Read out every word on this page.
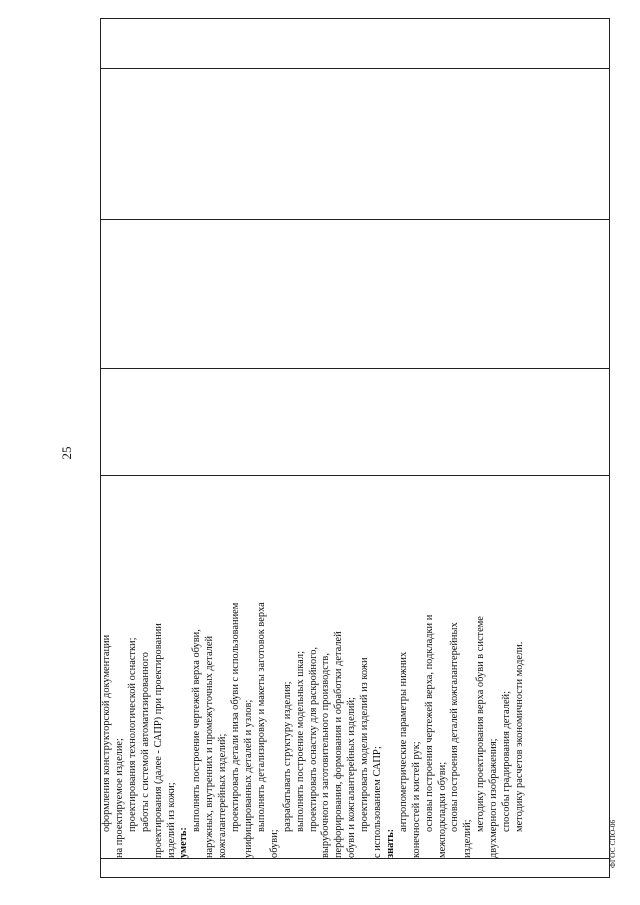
25

оформления конструкторской документации на проектируемое изделие; проектирования технологической оснастки; работы с системой автоматизированного проектирования (далее - САПР) при проектировании изделий из кожи; уметь:
выполнять построение чертежей верха обуви, наружных, внутренних и промежуточных деталей кожгалантерейных изделий; проектировать детали низа обуви с использованием унифицированных деталей и узлов; выполнять детализировку и макеты заготовок верха
обуви;
разрабатывать структуру изделия; выполнять построение модельных шкал; проектировать оснастку для раскройного, вырубочного и заготовительного производств, перфорирования, формования и обработки деталей обуви и кожгалантерейных изделий; проектировать модели изделий из кожи с использованием САПР; знать:
антропометрические параметры нижних конечностей и кистей рук; основы построения чертежей верха, подкладки и межподкладки обуви; основы построения деталей кожгалантерейных
изделий;
методику проектирования верха обуви в системе двухмерного изображения; способы градирования деталей; методику расчетов экономичности модели.

ФГОС СПО-06
